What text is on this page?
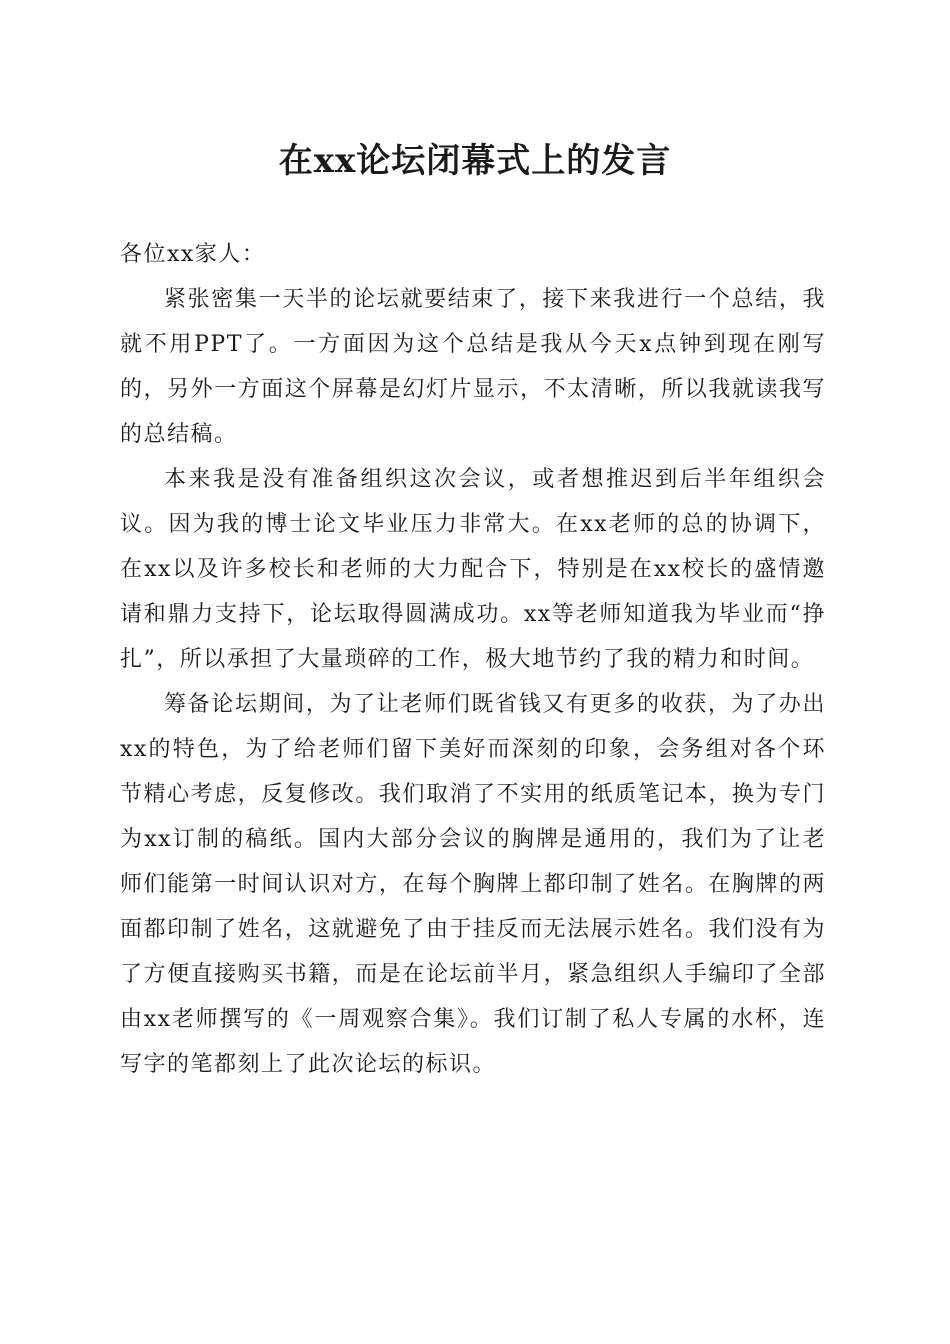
在xx论坛闭幕式上的发言

各位xx家人：

紧张密集一天半的论坛就要结束了，接下来我进行一个总结，我就不用PPT了。一方面因为这个总结是我从今天x点钟到现在刚写的，另外一方面这个屏幕是幻灯片显示，不太清晰，所以我就读我写的总结稿。

本来我是没有准备组织这次会议，或者想推迟到后半年组织会议。因为我的博士论文毕业压力非常大。在xx老师的总的协调下，在xx以及许多校长和老师的大力配合下，特别是在xx校长的盛情邀请和鼎力支持下，论坛取得圆满成功。xx等老师知道我为毕业而“挣扎”，所以承担了大量琐碎的工作，极大地节约了我的精力和时间。

筹备论坛期间，为了让老师们既省钱又有更多的收获，为了办出xx的特色，为了给老师们留下美好而深刻的印象，会务组对各个环节精心考虑，反复修改。我们取消了不实用的纸质笔记本，换为专门为xx订制的稿纸。国内大部分会议的胸牌是通用的，我们为了让老师们能第一时间认识对方，在每个胸牌上都印制了姓名。在胸牌的两面都印制了姓名，这就避免了由于挂反而无法展示姓名。我们没有为了方便直接购买书籍，而是在论坛前半月，紧急组织人手编印了全部由xx老师撰写的《一周观察合集》。我们订制了私人专属的水杯，连写字的笔都刻上了此次论坛的标识。
